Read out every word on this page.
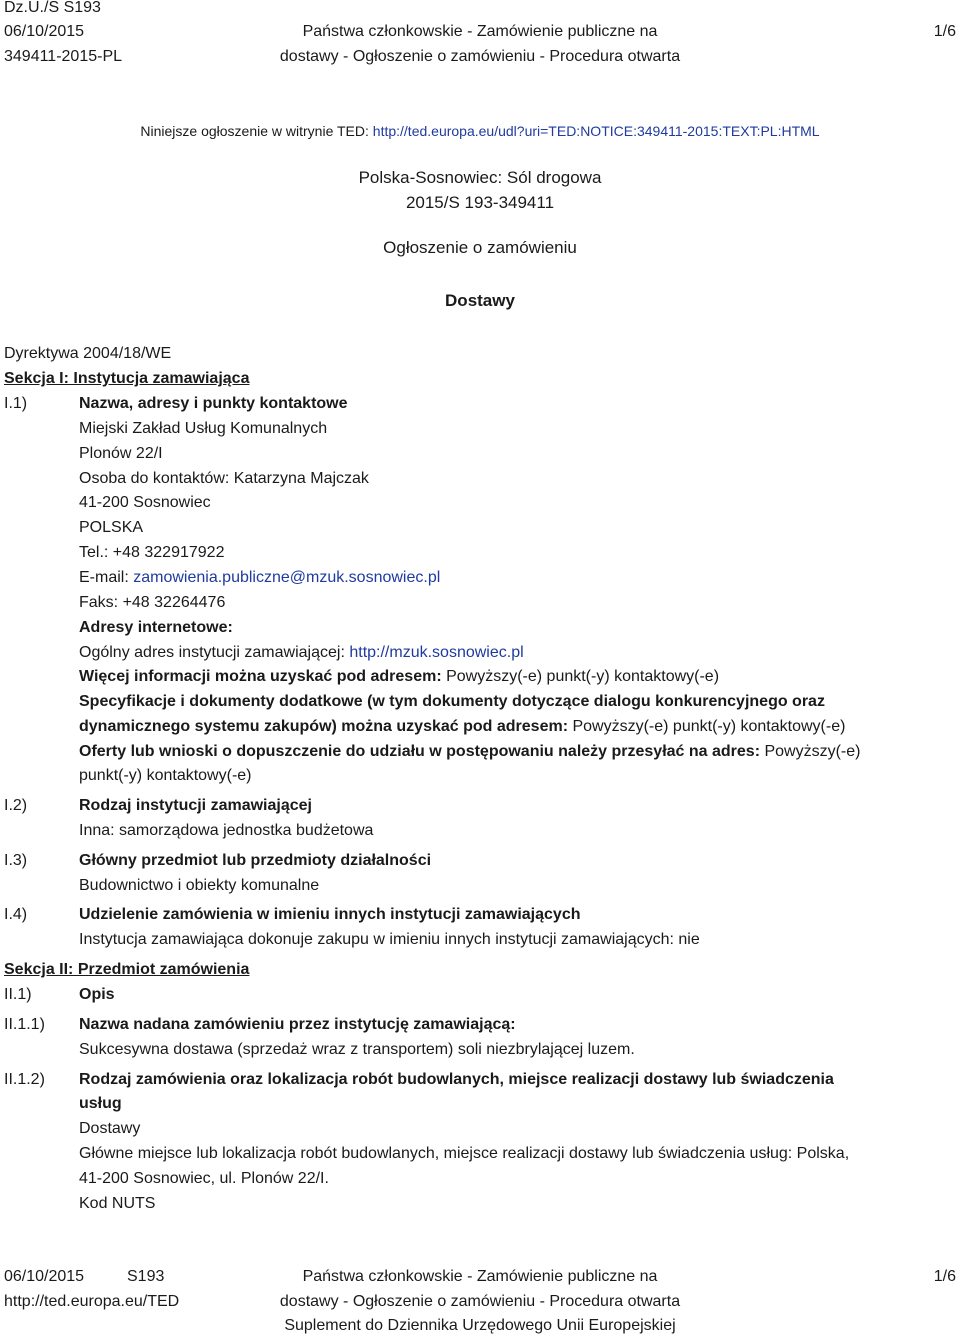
Dz.U./S S193
06/10/2015
349411-2015-PL
Państwa członkowskie - Zamówienie publiczne na
dostawy - Ogłoszenie o zamówieniu - Procedura otwarta
1/6
Niniejsze ogłoszenie w witrynie TED: http://ted.europa.eu/udl?uri=TED:NOTICE:349411-2015:TEXT:PL:HTML
Polska-Sosnowiec: Sól drogowa
2015/S 193-349411
Ogłoszenie o zamówieniu
Dostawy
Dyrektywa 2004/18/WE
Sekcja I: Instytucja zamawiająca
I.1)	Nazwa, adresy i punkty kontaktowe
Miejski Zakład Usług Komunalnych
Plonów 22/I
Osoba do kontaktów: Katarzyna Majczak
41-200 Sosnowiec
POLSKA
Tel.: +48 322917922
E-mail: zamowienia.publiczne@mzuk.sosnowiec.pl
Faks: +48 32264476
Adresy internetowe:
Ogólny adres instytucji zamawiającej: http://mzuk.sosnowiec.pl
Więcej informacji można uzyskać pod adresem: Powyższy(-e) punkt(-y) kontaktowy(-e)
Specyfikacje i dokumenty dodatkowe (w tym dokumenty dotyczące dialogu konkurencyjnego oraz
dynamicznego systemu zakupów) można uzyskać pod adresem: Powyższy(-e) punkt(-y) kontaktowy(-e)
Oferty lub wnioski o dopuszczenie do udziału w postępowaniu należy przesyłać na adres: Powyższy(-e)
punkt(-y) kontaktowy(-e)
I.2)	Rodzaj instytucji zamawiającej
Inna: samorządowa jednostka budżetowa
I.3)	Główny przedmiot lub przedmioty działalności
Budownictwo i obiekty komunalne
I.4)	Udzielenie zamówienia w imieniu innych instytucji zamawiających
Instytucja zamawiająca dokonuje zakupu w imieniu innych instytucji zamawiających: nie
Sekcja II: Przedmiot zamówienia
II.1)	Opis
II.1.1) Nazwa nadana zamówieniu przez instytucję zamawiającą:
Sukcesywna dostawa (sprzedaż wraz z transportem) soli niezbrylającej luzem.
II.1.2) Rodzaj zamówienia oraz lokalizacja robót budowlanych, miejsce realizacji dostawy lub świadczenia
usług
Dostawy
Główne miejsce lub lokalizacja robót budowlanych, miejsce realizacji dostawy lub świadczenia usług: Polska,
41-200 Sosnowiec, ul. Plonów 22/I.
Kod NUTS
06/10/2015	S193
http://ted.europa.eu/TED
Państwa członkowskie - Zamówienie publiczne na
dostawy - Ogłoszenie o zamówieniu - Procedura otwarta
Suplement do Dziennika Urzędowego Unii Europejskiej
1/6
